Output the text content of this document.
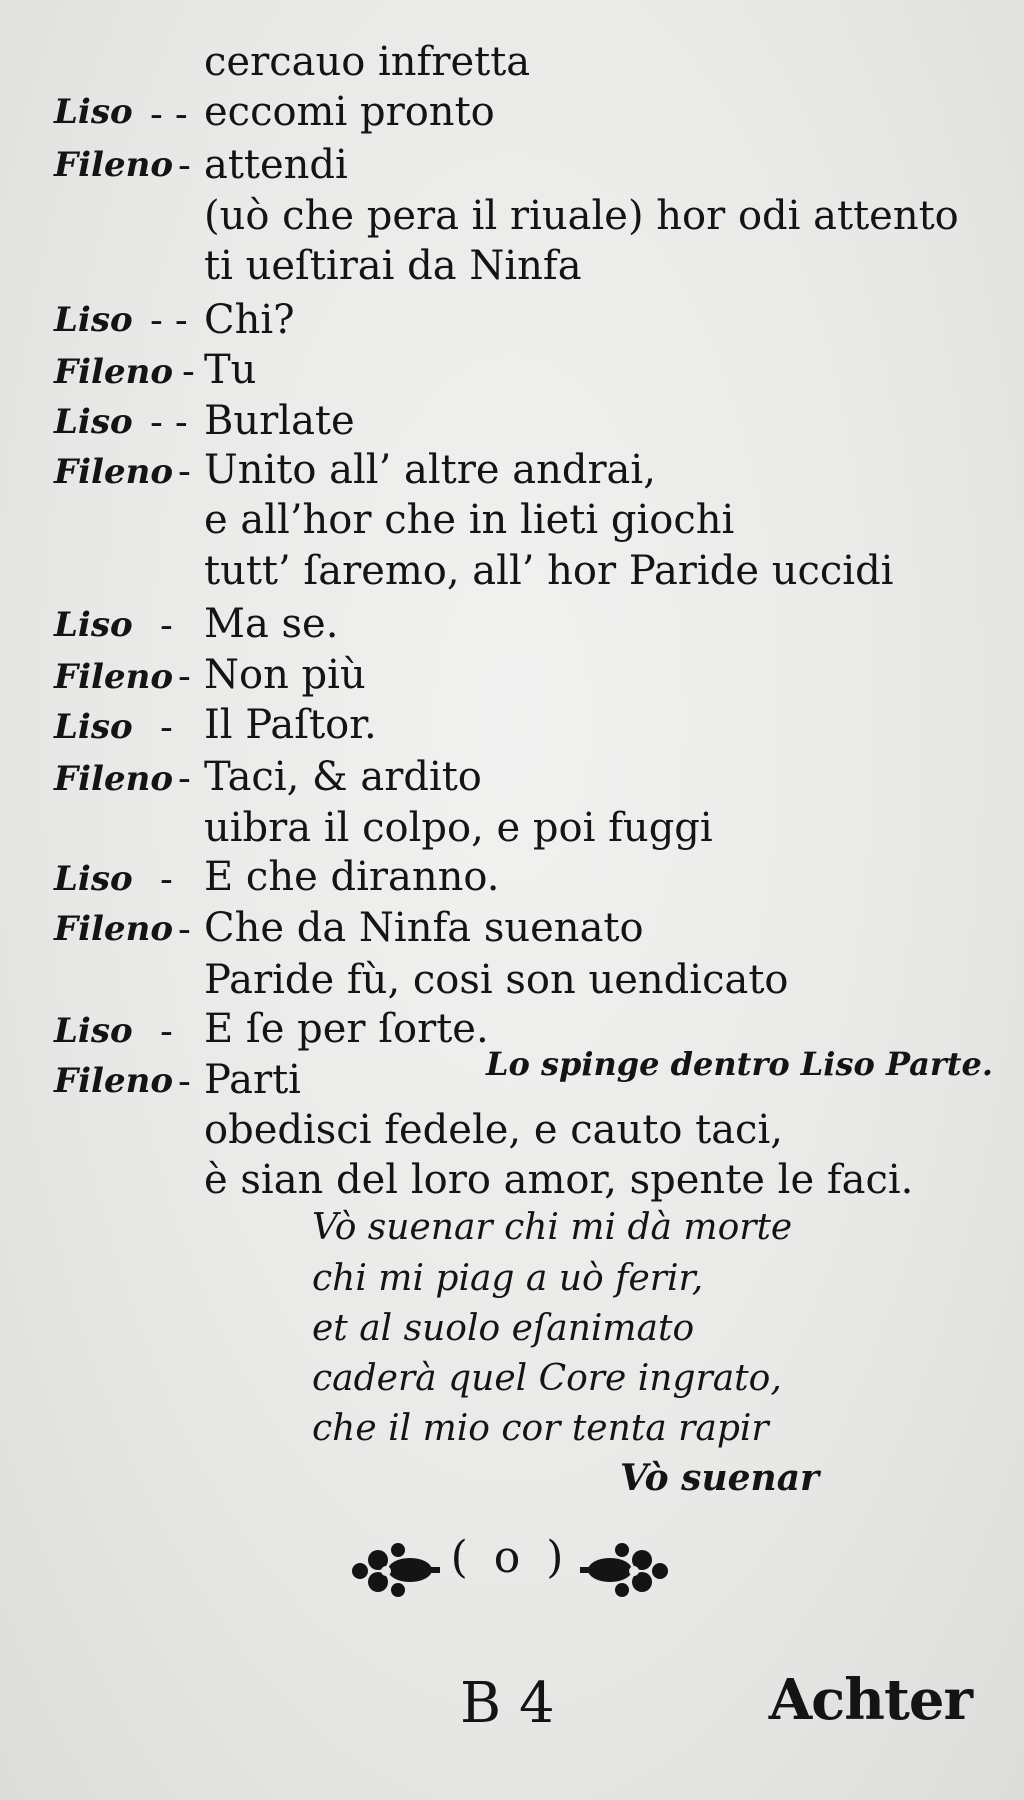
cercauo infretta
Liso - - eccomi pronto
Fileno - attendi
(uò che pera il riuale) hor odi attento
ti ueſtirai da Ninfa
Liso - - Chi?
Fileno - Tu
Liso - - Burlate
Fileno - Unito all’ altre andrai,
e all’hor che in lieti giochi
tutt’ ſaremo, all’ hor Paride uccidi
Liso - Ma se.
Fileno - Non più
Liso - Il Paſtor.
Fileno - Taci, & ardito
uibra il colpo, e poi fuggi
Liso - E che diranno.
Fileno - Che da Ninfa suenato
Paride fù, cosi son uendicato
Liso - E ſe per ſorte.
Fileno - Parti	Lo spinge dentro Liso Parte.
obedisci fedele, e cauto taci,
è sian del loro amor, spente le faci.
Vò suenar chi mi dà morte
chi mi piag a uò ferir,
et al suolo eſanimato
caderà quel Core ingrato,
che il mio cor tenta rapir
Vò suenar
( o )
B 4	Achter
